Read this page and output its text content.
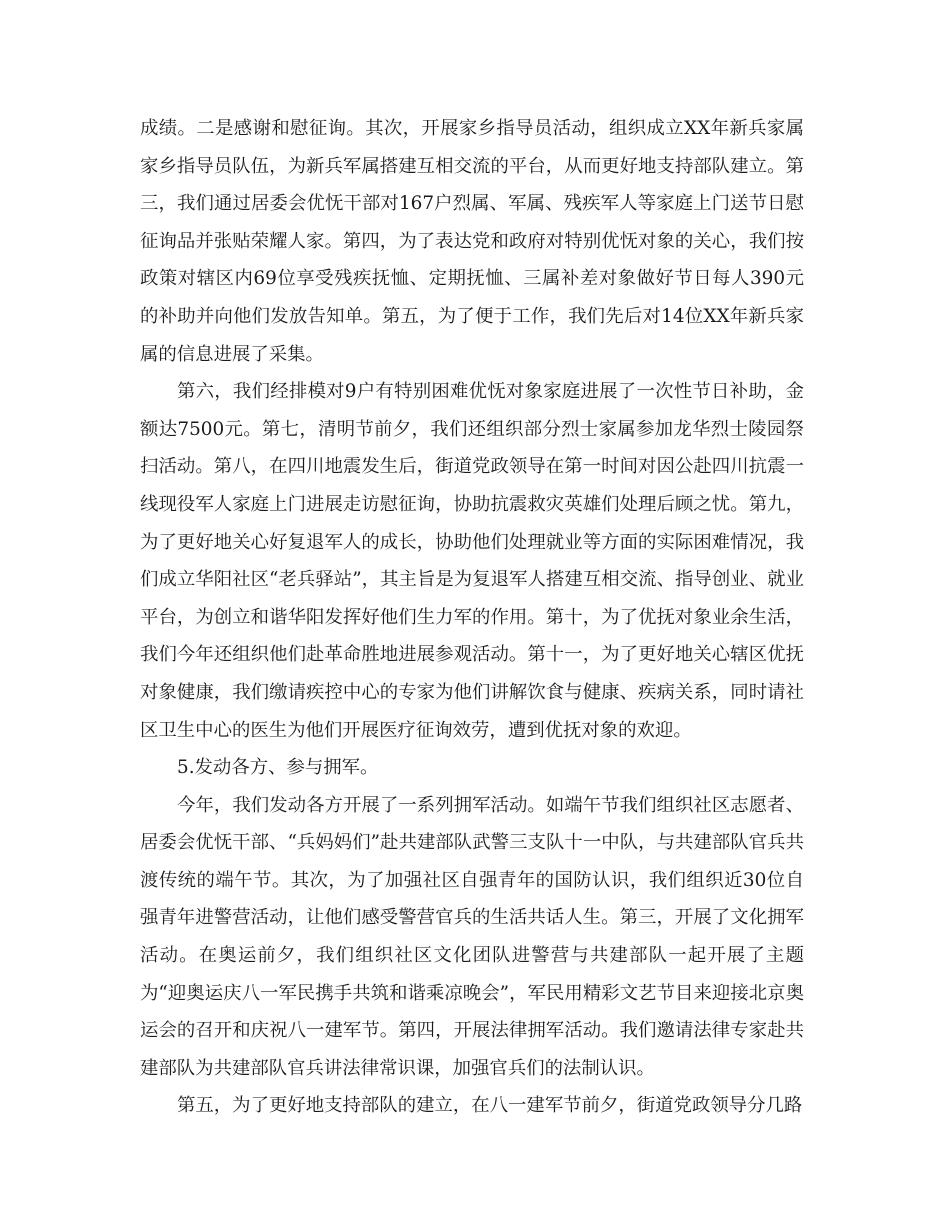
成绩。二是感谢和慰征询。其次，开展家乡指导员活动，组织成立XX年新兵家属家乡指导员队伍，为新兵军属搭建互相交流的平台，从而更好地支持部队建立。第三，我们通过居委会优怃干部对167户烈属、军属、残疾军人等家庭上门送节日慰征询品并张贴荣耀人家。第四，为了表达党和政府对特别优怃对象的关心，我们按政策对辖区内69位享受残疾抚恤、定期抚恤、三属补差对象做好节日每人390元的补助并向他们发放告知单。第五，为了便于工作，我们先后对14位XX年新兵家属的信息进展了采集。

第六，我们经排模对9户有特别困难优怃对象家庭进展了一次性节日补助，金额达7500元。第七，清明节前夕，我们还组织部分烈士家属参加龙华烈士陵园祭扫活动。第八，在四川地震发生后，街道党政领导在第一时间对因公赴四川抗震一线现役军人家庭上门进展走访慰征询，协助抗震救灾英雄们处理后顾之忧。第九，为了更好地关心好复退军人的成长，协助他们处理就业等方面的实际困难情况，我们成立华阳社区“老兵驿站”，其主旨是为复退军人搭建互相交流、指导创业、就业平台，为创立和谐华阳发挥好他们生力军的作用。第十，为了优抚对象业余生活，我们今年还组织他们赴革命胜地进展参观活动。第十一，为了更好地关心辖区优抚对象健康，我们缴请疾控中心的专家为他们讲解饮食与健康、疾病关系，同时请社区卫生中心的医生为他们开展医疗征询效劳，遭到优抚对象的欢迎。

5.发动各方、参与拥军。

今年，我们发动各方开展了一系列拥军活动。如端午节我们组织社区志愿者、居委会优怃干部、“兵妈妈们”赴共建部队武警三支队十一中队，与共建部队官兵共渡传统的端午节。其次，为了加强社区自强青年的国防认识，我们组织近30位自强青年进警营活动，让他们感受警营官兵的生活共话人生。第三，开展了文化拥军活动。在奥运前夕，我们组织社区文化团队进警营与共建部队一起开展了主题为“迎奥运庆八一军民携手共筑和谐乘凉晚会”，军民用精彩文艺节目来迎接北京奥运会的召开和庆祝八一建军节。第四，开展法律拥军活动。我们邀请法律专家赴共建部队为共建部队官兵讲法律常识课，加强官兵们的法制认识。

第五，为了更好地支持部队的建立，在八一建军节前夕，街道党政领导分几路
